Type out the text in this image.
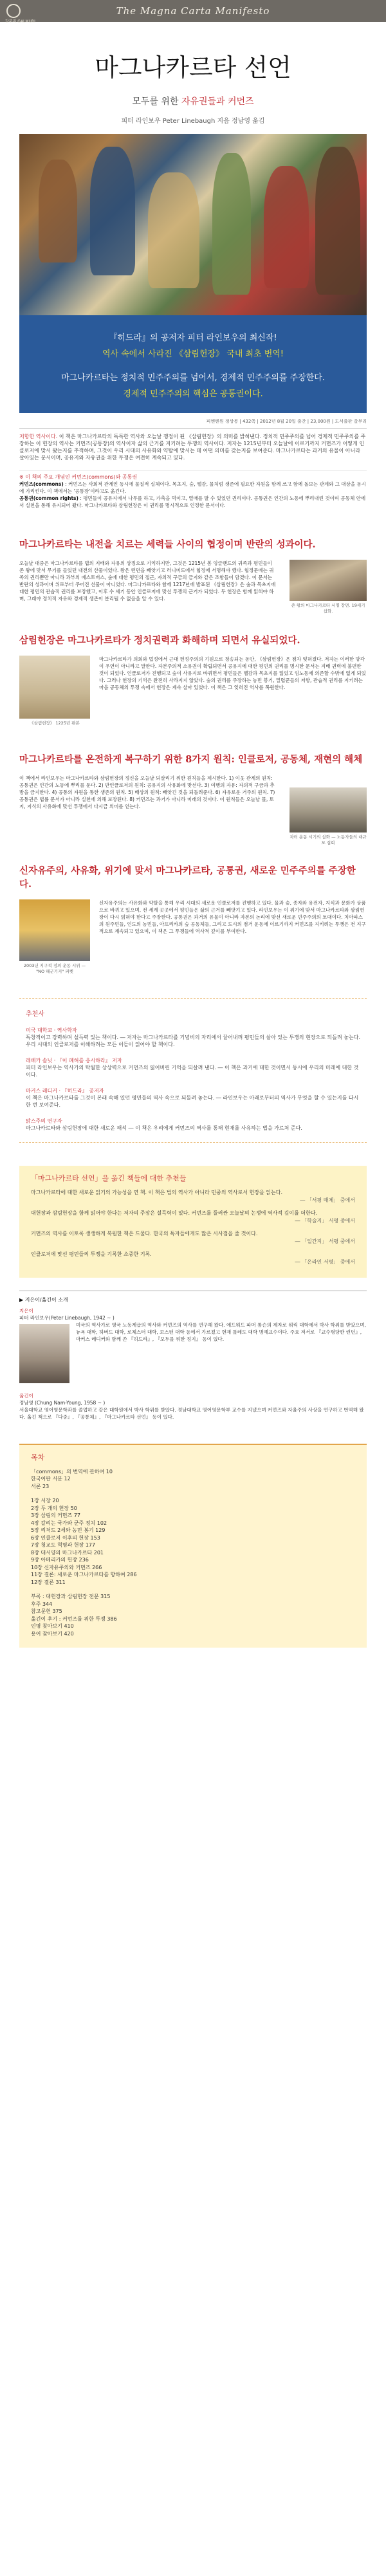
갈무리 GALMURI
The Magna Carta Manifesto
마그나카르타 선언
모두를 위한 자유권들과 커먼즈
피터 라인보우 Peter Linebaugh 지음 정남영 옮김
『히드라』의 공저자 피터 라인보우의 최신작!
역사 속에서 사라진 《삼림헌장》 국내 최초 번역!
마그나카르타는 정치적 민주주의를 넘어서, 경제적 민주주의를 주장한다.
경제적 민주주의의 핵심은 공통권이다.
피엔텐원 정상봉 | 432쪽 | 2012년 8월 20일 출간 | 23,000원 | 도서출판 갈무리
저항한 역사이다. 이 책은 마그나카르타의 독특한 역사와 오늘날 쟁점이 된 《삼림헌장》의 의미를 밝혀낸다. 정치적 민주주의를 넘어 경제적 민주주의를 주장하는 이 헌장의 역사는 커먼즈(공통장)의 역사이자 삶의 근거를 지키려는 투쟁의 역사이다. 저자는 1215년부터 오늘날에 이르기까지 커먼즈가 어떻게 인클로저에 맞서 왔는지를 추적하며, 그것이 우리 시대의 사유화와 약탈에 맞서는 데 어떤 의미를 갖는지를 보여준다. 마그나카르타는 과거의 유물이 아니라 살아있는 문서이며, 공유지와 자유권을 위한 투쟁은 여전히 계속되고 있다.
※ 이 책의 주요 개념인 커먼즈(commons)와 공통권
커먼즈(commons) : 커먼즈는 사회적 관계인 동시에 물질적 실체이다. 목초지, 숲, 땔감, 물처럼 생존에 필요한 자원을 함께 쓰고 함께 돌보는 관계와 그 대상을 동시에 가리킨다. 이 책에서는 '공통장'이라고도 옮긴다.
공통권(common rights) : 평민들이 공유지에서 나무를 하고, 가축을 먹이고, 열매를 딸 수 있었던 권리이다. 공통권은 인간의 노동에 뿌리내린 것이며 공동체 안에서 실천을 통해 유지되어 왔다. 마그나카르타와 삼림헌장은 이 권리를 명시적으로 인정한 문서이다.
마그나카르타는 내전을 치르는 세력들 사이의 협정이며 반란의 성과이다.
오늘날 대중은 마그나카르타를 법의 지배와 자유의 상징으로 기억하지만, 그것은 1215년 봄 잉글랜드의 귀족과 평민들이 존 왕에 맞서 무기를 들었던 내전의 산물이었다. 왕은 런던을 빼앗기고 러니미드에서 협정에 서명해야 했다. 협정문에는 귀족의 권리뿐만 아니라 과부의 에스토버스, 숲에 대한 평민의 접근, 자의적 구금의 금지와 같은 조항들이 담겼다. 이 문서는 반란의 성과이며 위로부터 주어진 선물이 아니었다. 마그나카르타와 함께 1217년에 발표된 《삼림헌장》은 숲과 목초지에 대한 평민의 관습적 권리를 보장했고, 이후 수 세기 동안 인클로저에 맞선 투쟁의 근거가 되었다. 두 헌장은 함께 읽혀야 하며, 그래야 정치적 자유와 경제적 생존이 분리될 수 없음을 알 수 있다.
존 왕의 마그나카르타 서명 장면. 19세기 삽화.
삼림헌장은 마그나카르타가 정치권력과 화해하며 되면서 유실되었다.
《삼림헌장》 1225년 판본
마그나카르타가 의회와 법정에서 근대 헌정주의의 기원으로 청송되는 동안, 《삼림헌장》은 점차 잊혀졌다. 저자는 이러한 망각이 우연이 아니라고 말한다. 자본주의적 소유권이 확립되면서 공유지에 대한 평민의 권리를 명시한 문서는 지배 권력에 불편한 것이 되었다. 인클로저가 진행되고 숲이 사유지로 바뀌면서 평민들은 땔감과 목초지를 잃었고 임노동에 의존할 수밖에 없게 되었다. 그러나 헌장의 기억은 완전히 사라지지 않았다. 숲의 권리를 주장하는 농민 봉기, 밀렵꾼들의 저항, 관습적 권리를 지키려는 마을 공동체의 투쟁 속에서 헌장은 계속 살아 있었다. 이 책은 그 잊혀진 역사를 복원한다.
마그나카르타를 온전하게 복구하기 위한 8가지 원칙: 인클로저, 공동체, 재현의 해체
이 책에서 라인보우는 마그나카르타와 삼림헌장의 정신을 오늘날 되살리기 위한 원칙들을 제시한다. 1) 이웃 관계의 원칙: 공통권은 인간의 노동에 뿌리를 둔다. 2) 반인클로저의 원칙: 공유지의 사유화에 맞선다. 3) 여행의 자유: 자의적 구금과 추방을 금지한다. 4) 공통의 자원을 통한 생존의 원칙. 5) 배상의 원칙: 빼앗긴 것을 되돌려준다. 6) 자유로운 거주의 원칙. 7) 공통권은 법률 문서가 아니라 실천에 의해 보장된다. 8) 커먼즈는 과거가 아니라 미래의 것이다. 이 원칙들은 오늘날 물, 토지, 지식의 사유화에 맞선 투쟁에서 다시금 의미를 얻는다.
차터 운동 시기의 삽화 — 노동자들의 대규모 집회
신자유주의, 사유화, 위기에 맞서 마그나카르타, 공통권, 새로운 민주주의를 주장한다.
2003년 지구적 정의 운동 시위 — "NO 해군기지" 피켓
신자유주의는 사유화와 약탈을 통해 우리 시대의 새로운 인클로저를 진행하고 있다. 물과 숲, 종자와 유전자, 지식과 문화가 상품으로 바뀌고 있으며, 전 세계 곳곳에서 평민들은 삶의 근거를 빼앗기고 있다. 라인보우는 이 위기에 맞서 마그나카르타와 삼림헌장이 다시 읽혀야 한다고 주장한다. 공통권은 과거의 유물이 아니라 자본의 논리에 맞선 새로운 민주주의의 토대이다. 치아파스의 원주민들, 인도의 농민들, 아프리카의 숲 공동체들, 그리고 도시의 점거 운동에 이르기까지 커먼즈를 지키려는 투쟁은 전 지구적으로 계속되고 있으며, 이 책은 그 투쟁들에 역사적 깊이를 부여한다.
추천사
미국 대학교 · 역사학자
독창적이고 강력하며 설득력 있는 책이다. ― 저자는 마그나카르타를 기념비의 자리에서 끌어내려 평민들의 살아 있는 투쟁의 현장으로 되돌려 놓는다. 우리 시대의 인클로저를 이해하려는 모든 이들이 읽어야 할 책이다.
레베카 솔닛 · 『이 폐허를 응시하라』 저자
피터 라인보우는 역사가의 탁월한 상상력으로 커먼즈의 잃어버린 기억을 되살려 낸다. ― 이 책은 과거에 대한 것이면서 동시에 우리의 미래에 대한 것이다.
마커스 레디커 · 『히드라』 공저자
이 책은 마그나카르타를 그것이 본래 속해 있던 평민들의 역사 속으로 되돌려 놓는다. ― 라인보우는 아래로부터의 역사가 무엇을 할 수 있는지를 다시 한 번 보여준다.
맑스주의 연구자
마그나카르타와 삼림헌장에 대한 새로운 해석 ― 이 책은 우리에게 커먼즈의 역사를 통해 현재를 사유하는 법을 가르쳐 준다.
「마그나카르타 선언」을 옮긴 책들에 대한 추천들
마그나카르타에 대한 새로운 읽기의 가능성을 연 책. 이 책은 법의 역사가 아니라 민중의 역사로서 헌장을 읽는다.
― 「서평 매체」 중에서
대헌장과 삼림헌장을 함께 읽어야 한다는 저자의 주장은 설득력이 있다. 커먼즈를 둘러싼 오늘날의 논쟁에 역사적 깊이를 더한다.
― 「학술지」 서평 중에서
커먼즈의 역사를 이토록 생생하게 복원한 책은 드물다. 한국의 독자들에게도 많은 시사점을 줄 것이다.
― 「일간지」 서평 중에서
인클로저에 맞선 평민들의 투쟁을 기록한 소중한 기록.
― 「온라인 서평」 중에서
▶ 지은이/옮긴이 소개
지은이
피터 라인보우(Peter Linebaugh, 1942 ~ )
미국의 역사가로 영국 노동계급의 역사와 커먼즈의 역사를 연구해 왔다. 에드워드 파머 톰슨의 제자로 워릭 대학에서 박사 학위를 받았으며, 뉴욕 대학, 하버드 대학, 로체스터 대학, 보스턴 대학 등에서 가르쳤고 현재 톨레도 대학 명예교수이다. 주요 저서로 『교수형당한 런던』, 마커스 레디커와 함께 쓴 『히드라』, 『모두를 위한 정지』 등이 있다.
옮긴이
정남영 (Chung Nam-Young, 1958 ~ )
서울대학교 영어영문학과를 졸업하고 같은 대학원에서 박사 학위를 받았다. 경남대학교 영어영문학부 교수를 지냈으며 커먼즈와 자율주의 사상을 연구하고 번역해 왔다. 옮긴 책으로 『다중』, 『공통체』, 『마그나카르타 선언』 등이 있다.
목차
「commons」의 번역에 관하여 10
한국어판 서문 12
서론 23
1장 서장 20
2장 두 개의 헌장 50
3장 삼림의 커먼즈 77
4장 갈리는 국가와 군주 정치 102
5장 리처드 2세와 농민 봉기 129
6장 인클로저 이후의 헌장 153
7장 청교도 혁명과 헌장 177
8장 대서양의 마그나카르타 201
9장 아메리카의 헌장 236
10장 신자유주의와 커먼즈 266
11장 결론: 새로운 마그나카르타를 향하여 286
12장 결론 311
부록 : 대헌장과 삼림헌장 전문 315
후주 344
참고문헌 375
옮긴이 후기 : 커먼즈를 위한 투쟁 386
인명 찾아보기 410
용어 찾아보기 420
